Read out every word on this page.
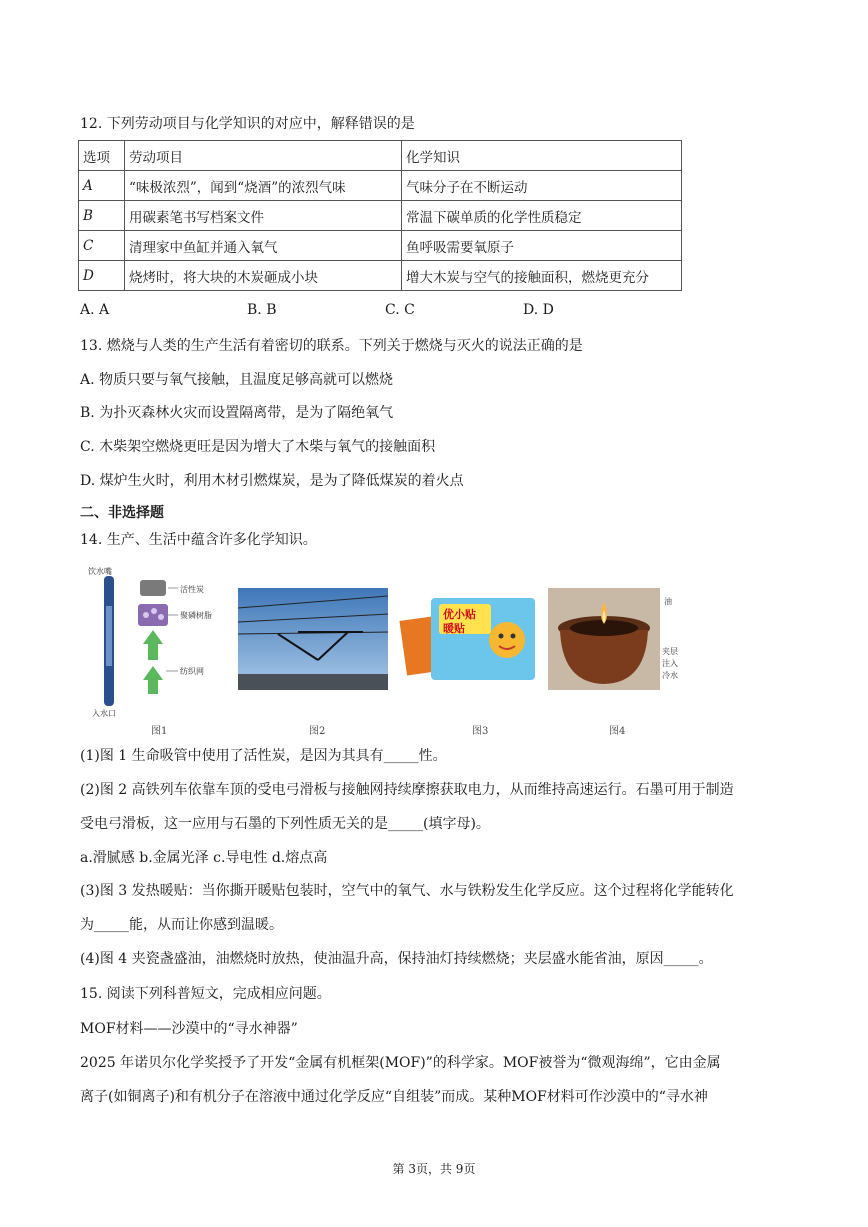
12. 下列劳动项目与化学知识的对应中，解释错误的是
选项	劳动项目	化学知识
A	“味极浓烈”，闻到“烧酒”的浓烈气味	气味分子在不断运动
B	用碳素笔书写档案文件	常温下碳单质的化学性质稳定
C	清理家中鱼缸并通入氧气	鱼呼吸需要氧原子
D	烧烤时，将大块的木炭砸成小块	增大木炭与空气的接触面积，燃烧更充分
A. A	B. B	C. C	D. D
13. 燃烧与人类的生产生活有着密切的联系。下列关于燃烧与灭火的说法正确的是
A. 物质只要与氧气接触，且温度足够高就可以燃烧
B. 为扑灭森林火灾而设置隔离带，是为了隔绝氧气
C. 木柴架空燃烧更旺是因为增大了木柴与氧气的接触面积
D. 煤炉生火时，利用木材引燃煤炭，是为了降低煤炭的着火点
二、非选择题
14. 生产、生活中蕴含许多化学知识。
饮水嘴
活性炭
聚磷树脂
纺织网
入水口
优小贴
暖贴
油
夹层
注入
冷水
图1	图2	图3	图4
(1)图 1 生命吸管中使用了活性炭，是因为其具有_____性。
(2)图 2 高铁列车依靠车顶的受电弓滑板与接触网持续摩擦获取电力，从而维持高速运行。石墨可用于制造
受电弓滑板，这一应用与石墨的下列性质无关的是_____(填字母)。
a.滑腻感 b.金属光泽 c.导电性 d.熔点高
(3)图 3 发热暖贴：当你撕开暖贴包装时，空气中的氧气、水与铁粉发生化学反应。这个过程将化学能转化
为_____能，从而让你感到温暖。
(4)图 4 夹瓷盏盛油，油燃烧时放热，使油温升高，保持油灯持续燃烧；夹层盛水能省油，原因_____。
15. 阅读下列科普短文，完成相应问题。
MOF材料——沙漠中的“寻水神器”
2025 年诺贝尔化学奖授予了开发“金属有机框架(MOF)”的科学家。MOF被誉为“微观海绵”，它由金属
离子(如铜离子)和有机分子在溶液中通过化学反应“自组装”而成。某种MOF材料可作沙漠中的“寻水神
第 3页，共 9页
